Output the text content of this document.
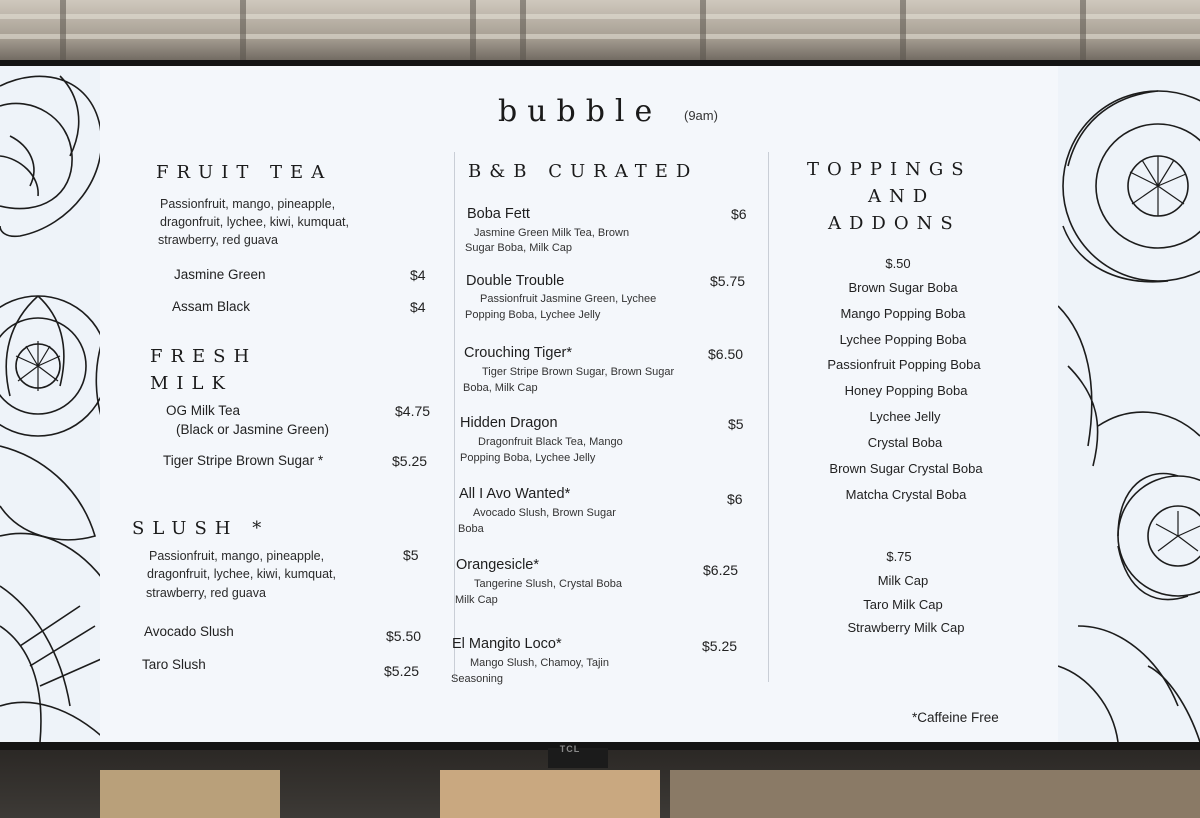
TCL
bubble (9am)
FRUIT TEA
Passionfruit, mango, pineapple,
dragonfruit, lychee, kiwi, kumquat,
strawberry, red guava
Jasmine Green	$4
Assam Black	$4
FRESH
MILK
OG Milk Tea	$4.75
(Black or Jasmine Green)
Tiger Stripe Brown Sugar *	$5.25
SLUSH *
Passionfruit, mango, pineapple,	$5
dragonfruit, lychee, kiwi, kumquat,
strawberry, red guava
Avocado Slush	$5.50
Taro Slush	$5.25
B&B CURATED
Boba Fett	$6
Jasmine Green Milk Tea, Brown
Sugar Boba, Milk Cap
Double Trouble	$5.75
Passionfruit Jasmine Green, Lychee
Popping Boba, Lychee Jelly
Crouching Tiger*	$6.50
Tiger Stripe Brown Sugar, Brown Sugar
Boba, Milk Cap
Hidden Dragon	$5
Dragonfruit Black Tea, Mango
Popping Boba, Lychee Jelly
All I Avo Wanted*	$6
Avocado Slush, Brown Sugar
Boba
Orangesicle*	$6.25
Tangerine Slush, Crystal Boba
Milk Cap
El Mangito Loco*	$5.25
Mango Slush, Chamoy, Tajin
Seasoning
TOPPINGS
AND
ADDONS
$.50
Brown Sugar Boba
Mango Popping Boba
Lychee Popping Boba
Passionfruit Popping Boba
Honey Popping Boba
Lychee Jelly
Crystal Boba
Brown Sugar Crystal Boba
Matcha Crystal Boba
$.75
Milk Cap
Taro Milk Cap
Strawberry Milk Cap
*Caffeine Free
